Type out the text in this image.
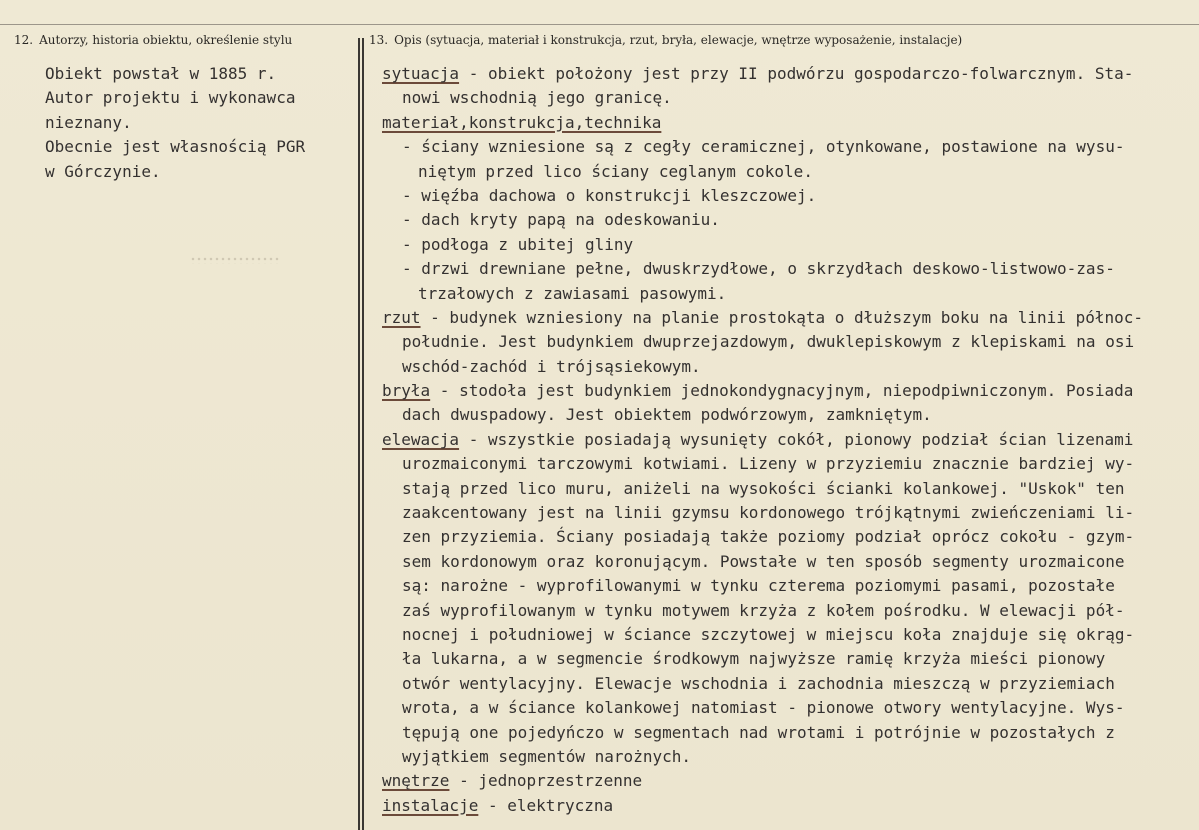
12. Autorzy, historia obiektu, określenie stylu	13. Opis (sytuacja, materiał i konstrukcja, rzut, bryła, elewacje, wnętrze wyposażenie, instalacje)
Obiekt powstał w 1885 r.
Autor projektu i wykonawca
nieznany.
Obecnie jest własnością PGR
w Górczynie.
sytuacja - obiekt położony jest przy II podwórzu gospodarczo-folwarcznym. Sta-
nowi wschodnią jego granicę.
materiał,konstrukcja,technika
- ściany wzniesione są z cegły ceramicznej, otynkowane, postawione na wysu-
niętym przed lico ściany ceglanym cokole.
- więźba dachowa o konstrukcji kleszczowej.
- dach kryty papą na odeskowaniu.
- podłoga z ubitej gliny
- drzwi drewniane pełne, dwuskrzydłowe, o skrzydłach deskowo-listwowo-zas-
trzałowych z zawiasami pasowymi.
rzut - budynek wzniesiony na planie prostokąta o dłuższym boku na linii północ-
południe. Jest budynkiem dwuprzejazdowym, dwuklepiskowym z klepiskami na osi
wschód-zachód i trójsąsiekowym.
bryła - stodoła jest budynkiem jednokondygnacyjnym, niepodpiwniczonym. Posiada
dach dwuspadowy. Jest obiektem podwórzowym, zamkniętym.
elewacja - wszystkie posiadają wysunięty cokół, pionowy podział ścian lizenami
urozmaiconymi tarczowymi kotwiami. Lizeny w przyziemiu znacznie bardziej wy-
stają przed lico muru, aniżeli na wysokości ścianki kolankowej. "Uskok" ten
zaakcentowany jest na linii gzymsu kordonowego trójkątnymi zwieńczeniami li-
zen przyziemia. Ściany posiadają także poziomy podział oprócz cokołu - gzym-
sem kordonowym oraz koronującym. Powstałe w ten sposób segmenty urozmaicone
są: narożne - wyprofilowanymi w tynku czterema poziomymi pasami, pozostałe
zaś wyprofilowanym w tynku motywem krzyża z kołem pośrodku. W elewacji pół-
nocnej i południowej w ściance szczytowej w miejscu koła znajduje się okrąg-
ła lukarna, a w segmencie środkowym najwyższe ramię krzyża mieści pionowy
otwór wentylacyjny. Elewacje wschodnia i zachodnia mieszczą w przyziemiach
wrota, a w ściance kolankowej natomiast - pionowe otwory wentylacyjne. Wys-
tępują one pojedyńczo w segmentach nad wrotami i potrójnie w pozostałych z
wyjątkiem segmentów narożnych.
wnętrze - jednoprzestrzenne
instalacje - elektryczna
